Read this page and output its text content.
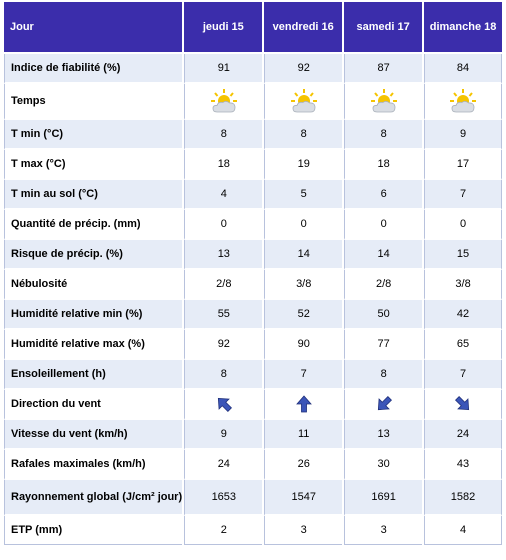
Jour	jeudi 15	vendredi 16	samedi 17	dimanche 18
Indice de fiabilité (%)	91	92	87	84
Temps				
T min (°C)	8	8	8	9
T max (°C)	18	19	18	17
T min au sol (°C)	4	5	6	7
Quantité de précip. (mm)	0	0	0	0
Risque de précip. (%)	13	14	14	15
Nébulosité	2/8	3/8	2/8	3/8
Humidité relative min (%)	55	52	50	42
Humidité relative max (%)	92	90	77	65
Ensoleillement (h)	8	7	8	7
Direction du vent				
Vitesse du vent (km/h)	9	11	13	24
Rafales maximales (km/h)	24	26	30	43
Rayonnement global (J/cm² jour)	1653	1547	1691	1582
ETP (mm)	2	3	3	4
